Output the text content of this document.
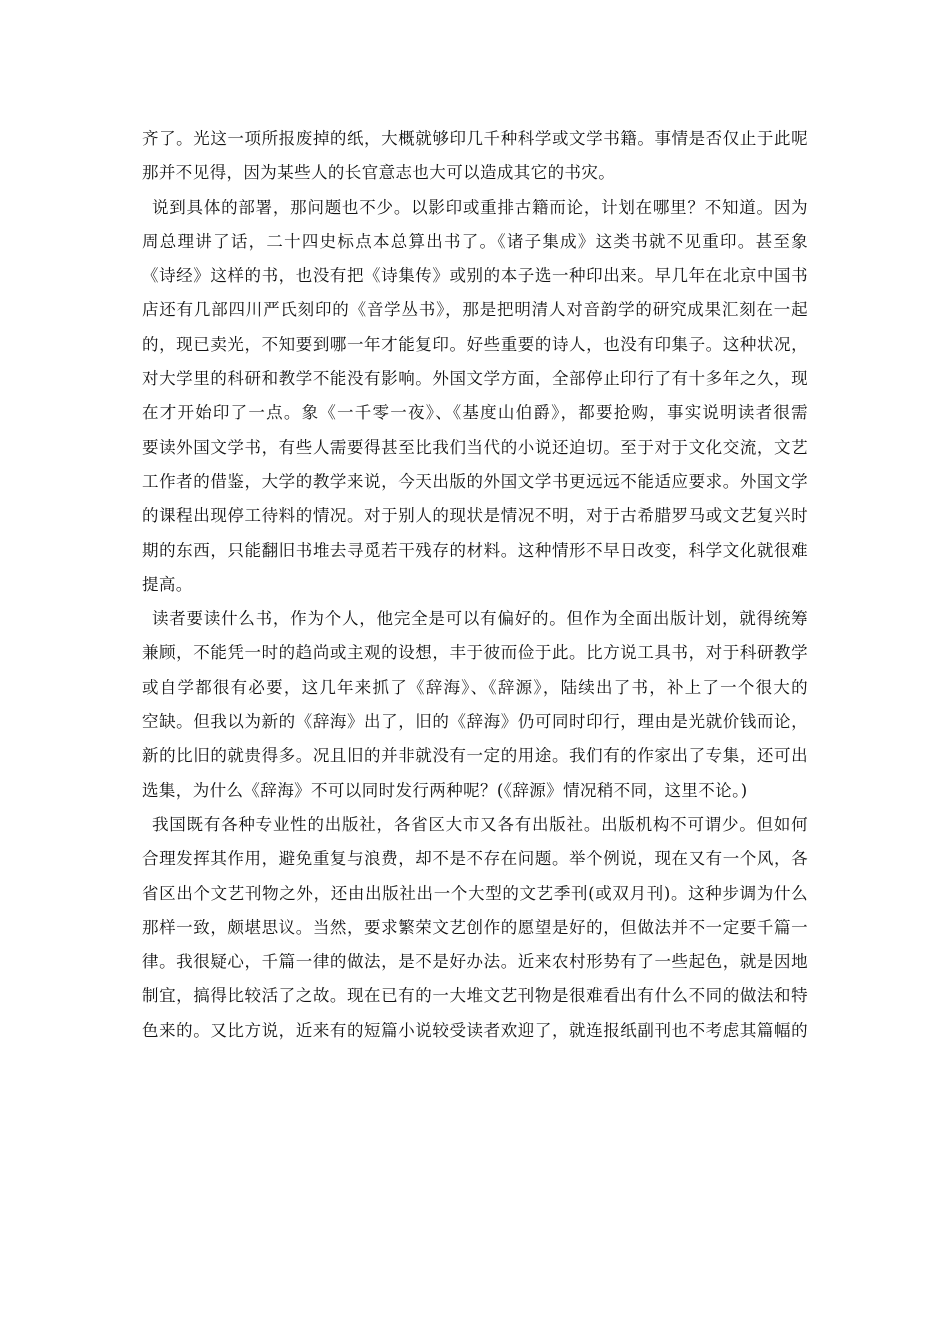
齐了。光这一项所报废掉的纸，大概就够印几千种科学或文学书籍。事情是否仅止于此呢
那并不见得，因为某些人的长官意志也大可以造成其它的书灾。
说到具体的部署，那问题也不少。以影印或重排古籍而论，计划在哪里？不知道。因为
周总理讲了话，二十四史标点本总算出书了。《诸子集成》这类书就不见重印。甚至象
《诗经》这样的书，也没有把《诗集传》或别的本子选一种印出来。早几年在北京中国书
店还有几部四川严氏刻印的《音学丛书》，那是把明清人对音韵学的研究成果汇刻在一起
的，现已卖光，不知要到哪一年才能复印。好些重要的诗人，也没有印集子。这种状况，
对大学里的科研和教学不能没有影响。外国文学方面，全部停止印行了有十多年之久，现
在才开始印了一点。象《一千零一夜》、《基度山伯爵》，都要抢购，事实说明读者很需
要读外国文学书，有些人需要得甚至比我们当代的小说还迫切。至于对于文化交流，文艺
工作者的借鉴，大学的教学来说，今天出版的外国文学书更远远不能适应要求。外国文学
的课程出现停工待料的情况。对于别人的现状是情况不明，对于古希腊罗马或文艺复兴时
期的东西，只能翻旧书堆去寻觅若干残存的材料。这种情形不早日改变，科学文化就很难
提高。
读者要读什么书，作为个人，他完全是可以有偏好的。但作为全面出版计划，就得统筹
兼顾，不能凭一时的趋尚或主观的设想，丰于彼而俭于此。比方说工具书，对于科研教学
或自学都很有必要，这几年来抓了《辞海》、《辞源》，陆续出了书，补上了一个很大的
空缺。但我以为新的《辞海》出了，旧的《辞海》仍可同时印行，理由是光就价钱而论，
新的比旧的就贵得多。况且旧的并非就没有一定的用途。我们有的作家出了专集，还可出
选集，为什么《辞海》不可以同时发行两种呢？(《辞源》情况稍不同，这里不论。)
我国既有各种专业性的出版社，各省区大市又各有出版社。出版机构不可谓少。但如何
合理发挥其作用，避免重复与浪费，却不是不存在问题。举个例说，现在又有一个风，各
省区出个文艺刊物之外，还由出版社出一个大型的文艺季刊(或双月刊)。这种步调为什么
那样一致，颇堪思议。当然，要求繁荣文艺创作的愿望是好的，但做法并不一定要千篇一
律。我很疑心，千篇一律的做法，是不是好办法。近来农村形势有了一些起色，就是因地
制宜，搞得比较活了之故。现在已有的一大堆文艺刊物是很难看出有什么不同的做法和特
色来的。又比方说，近来有的短篇小说较受读者欢迎了，就连报纸副刊也不考虑其篇幅的
